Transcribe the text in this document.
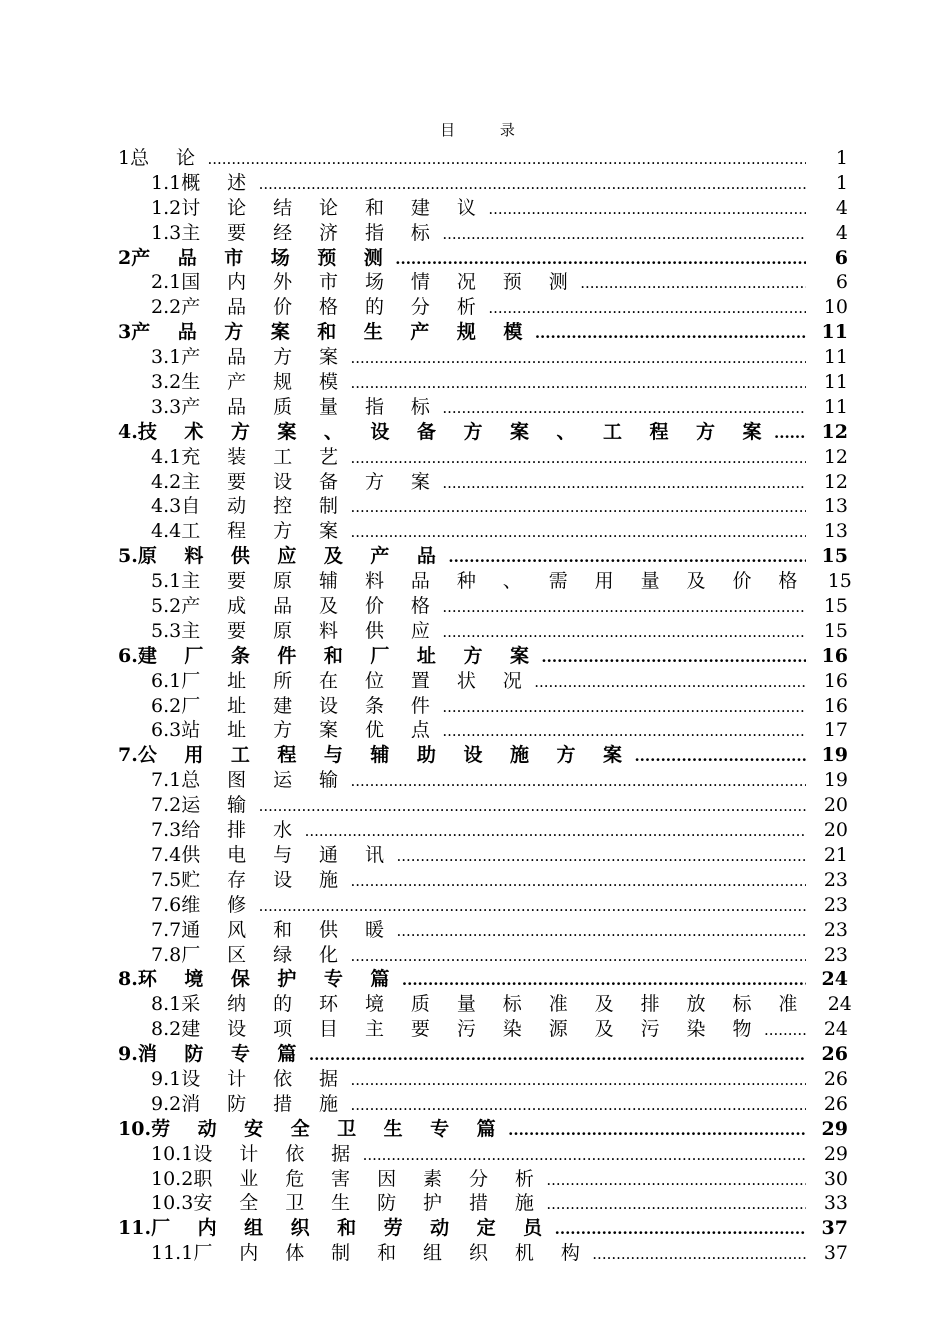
目 录
1 总 论 .....	1
1.1 概 述 .....	1
1.2 讨 论 结 论 和 建 议 .....	4
1.3 主 要 经 济 指 标 .....	4
2 产 品 市 场 预 测 .....	6
2.1 国 内 外 市 场 情 况 预 测 .....	6
2.2 产 品 价 格 的 分 析 .....	10
3 产 品 方 案 和 生 产 规 模 .....	11
3.1 产 品 方 案 .....	11
3.2 生 产 规 模 .....	11
3.3 产 品 质 量 指 标 .....	11
4. 技 术 方 案 、 设 备 方 案 、 工 程 方 案 .....	12
4.1 充 装 工 艺 .....	12
4.2 主 要 设 备 方 案 .....	12
4.3 自 动 控 制 .....	13
4.4 工 程 方 案 .....	13
5. 原 料 供 应 及 产 品 .....	15
5.1 主 要 原 辅 料 品 种 、 需 用 量 及 价 格	15
5.2 产 成 品 及 价 格 .....	15
5.3 主 要 原 料 供 应 .....	15
6. 建 厂 条 件 和 厂 址 方 案 .....	16
6.1 厂 址 所 在 位 置 状 况 .....	16
6.2 厂 址 建 设 条 件 .....	16
6.3 站 址 方 案 优 点 .....	17
7. 公 用 工 程 与 辅 助 设 施 方 案 .....	19
7.1 总 图 运 输 .....	19
7.2 运 输 .....	20
7.3 给 排 水 .....	20
7.4 供 电 与 通 讯 .....	21
7.5 贮 存 设 施 .....	23
7.6 维 修 .....	23
7.7 通 风 和 供 暖 .....	23
7.8 厂 区 绿 化 .....	23
8. 环 境 保 护 专 篇 .....	24
8.1 采 纳 的 环 境 质 量 标 准 及 排 放 标 准	24
8.2 建 设 项 目 主 要 污 染 源 及 污 染 物 .....	24
9. 消 防 专 篇 .....	26
9.1 设 计 依 据 .....	26
9.2 消 防 措 施 .....	26
10. 劳 动 安 全 卫 生 专 篇 .....	29
10.1 设 计 依 据 .....	29
10.2 职 业 危 害 因 素 分 析 .....	30
10.3 安 全 卫 生 防 护 措 施 .....	33
11. 厂 内 组 织 和 劳 动 定 员 .....	37
11.1 厂 内 体 制 和 组 织 机 构 .....	37
